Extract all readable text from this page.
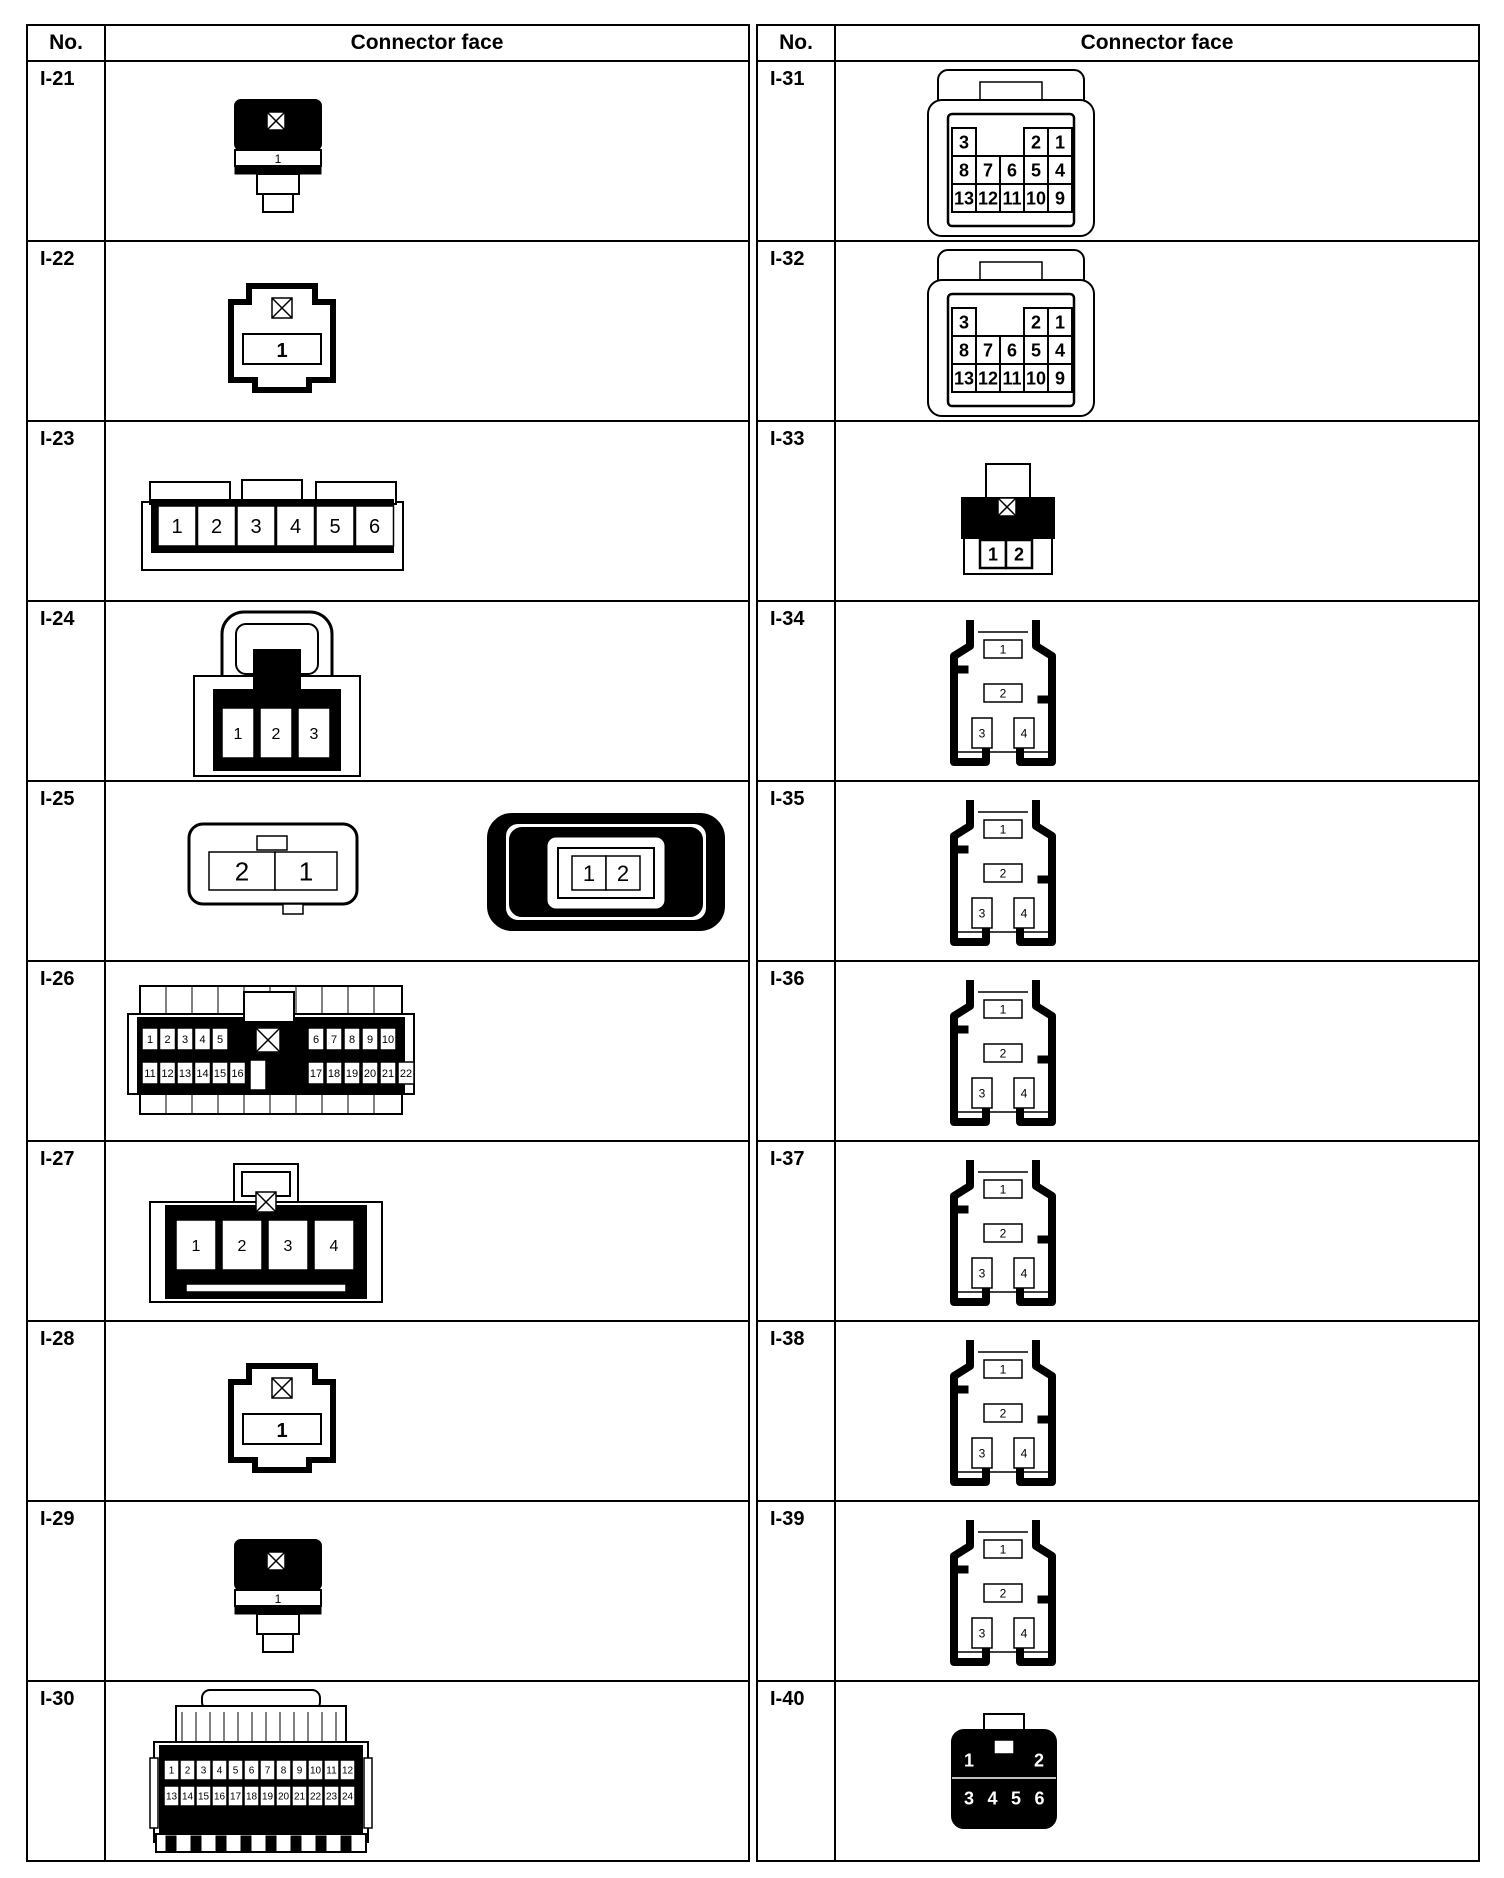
No.	Connector face
I-21
1
I-22
1
I-23
1 2 3 4 5 6
I-24
1 2 3
I-25
2 1	1 2
I-26
1 2 3 4 5	6 7 8 9 10
11 12 13 14 15 16	17 18 19 20 21 22
I-27
1 2 3 4
I-28
1
I-29
1
I-30
1 2 3 4 5 6 7 8 9 10 11 12
13 14 15 16 17 18 19 20 21 22 23 24
No.	Connector face
I-31
3	2 1
8 7 6 5 4
13 12 11 10 9
I-32
3	2 1
8 7 6 5 4
13 12 11 10 9
I-33
1 2
I-34
1
2
3	4
I-35
1
2
3	4
I-36
1
2
3	4
I-37
1
2
3	4
I-38
1
2
3	4
I-39
1
2
3	4
I-40
1	2
3 4 5 6
